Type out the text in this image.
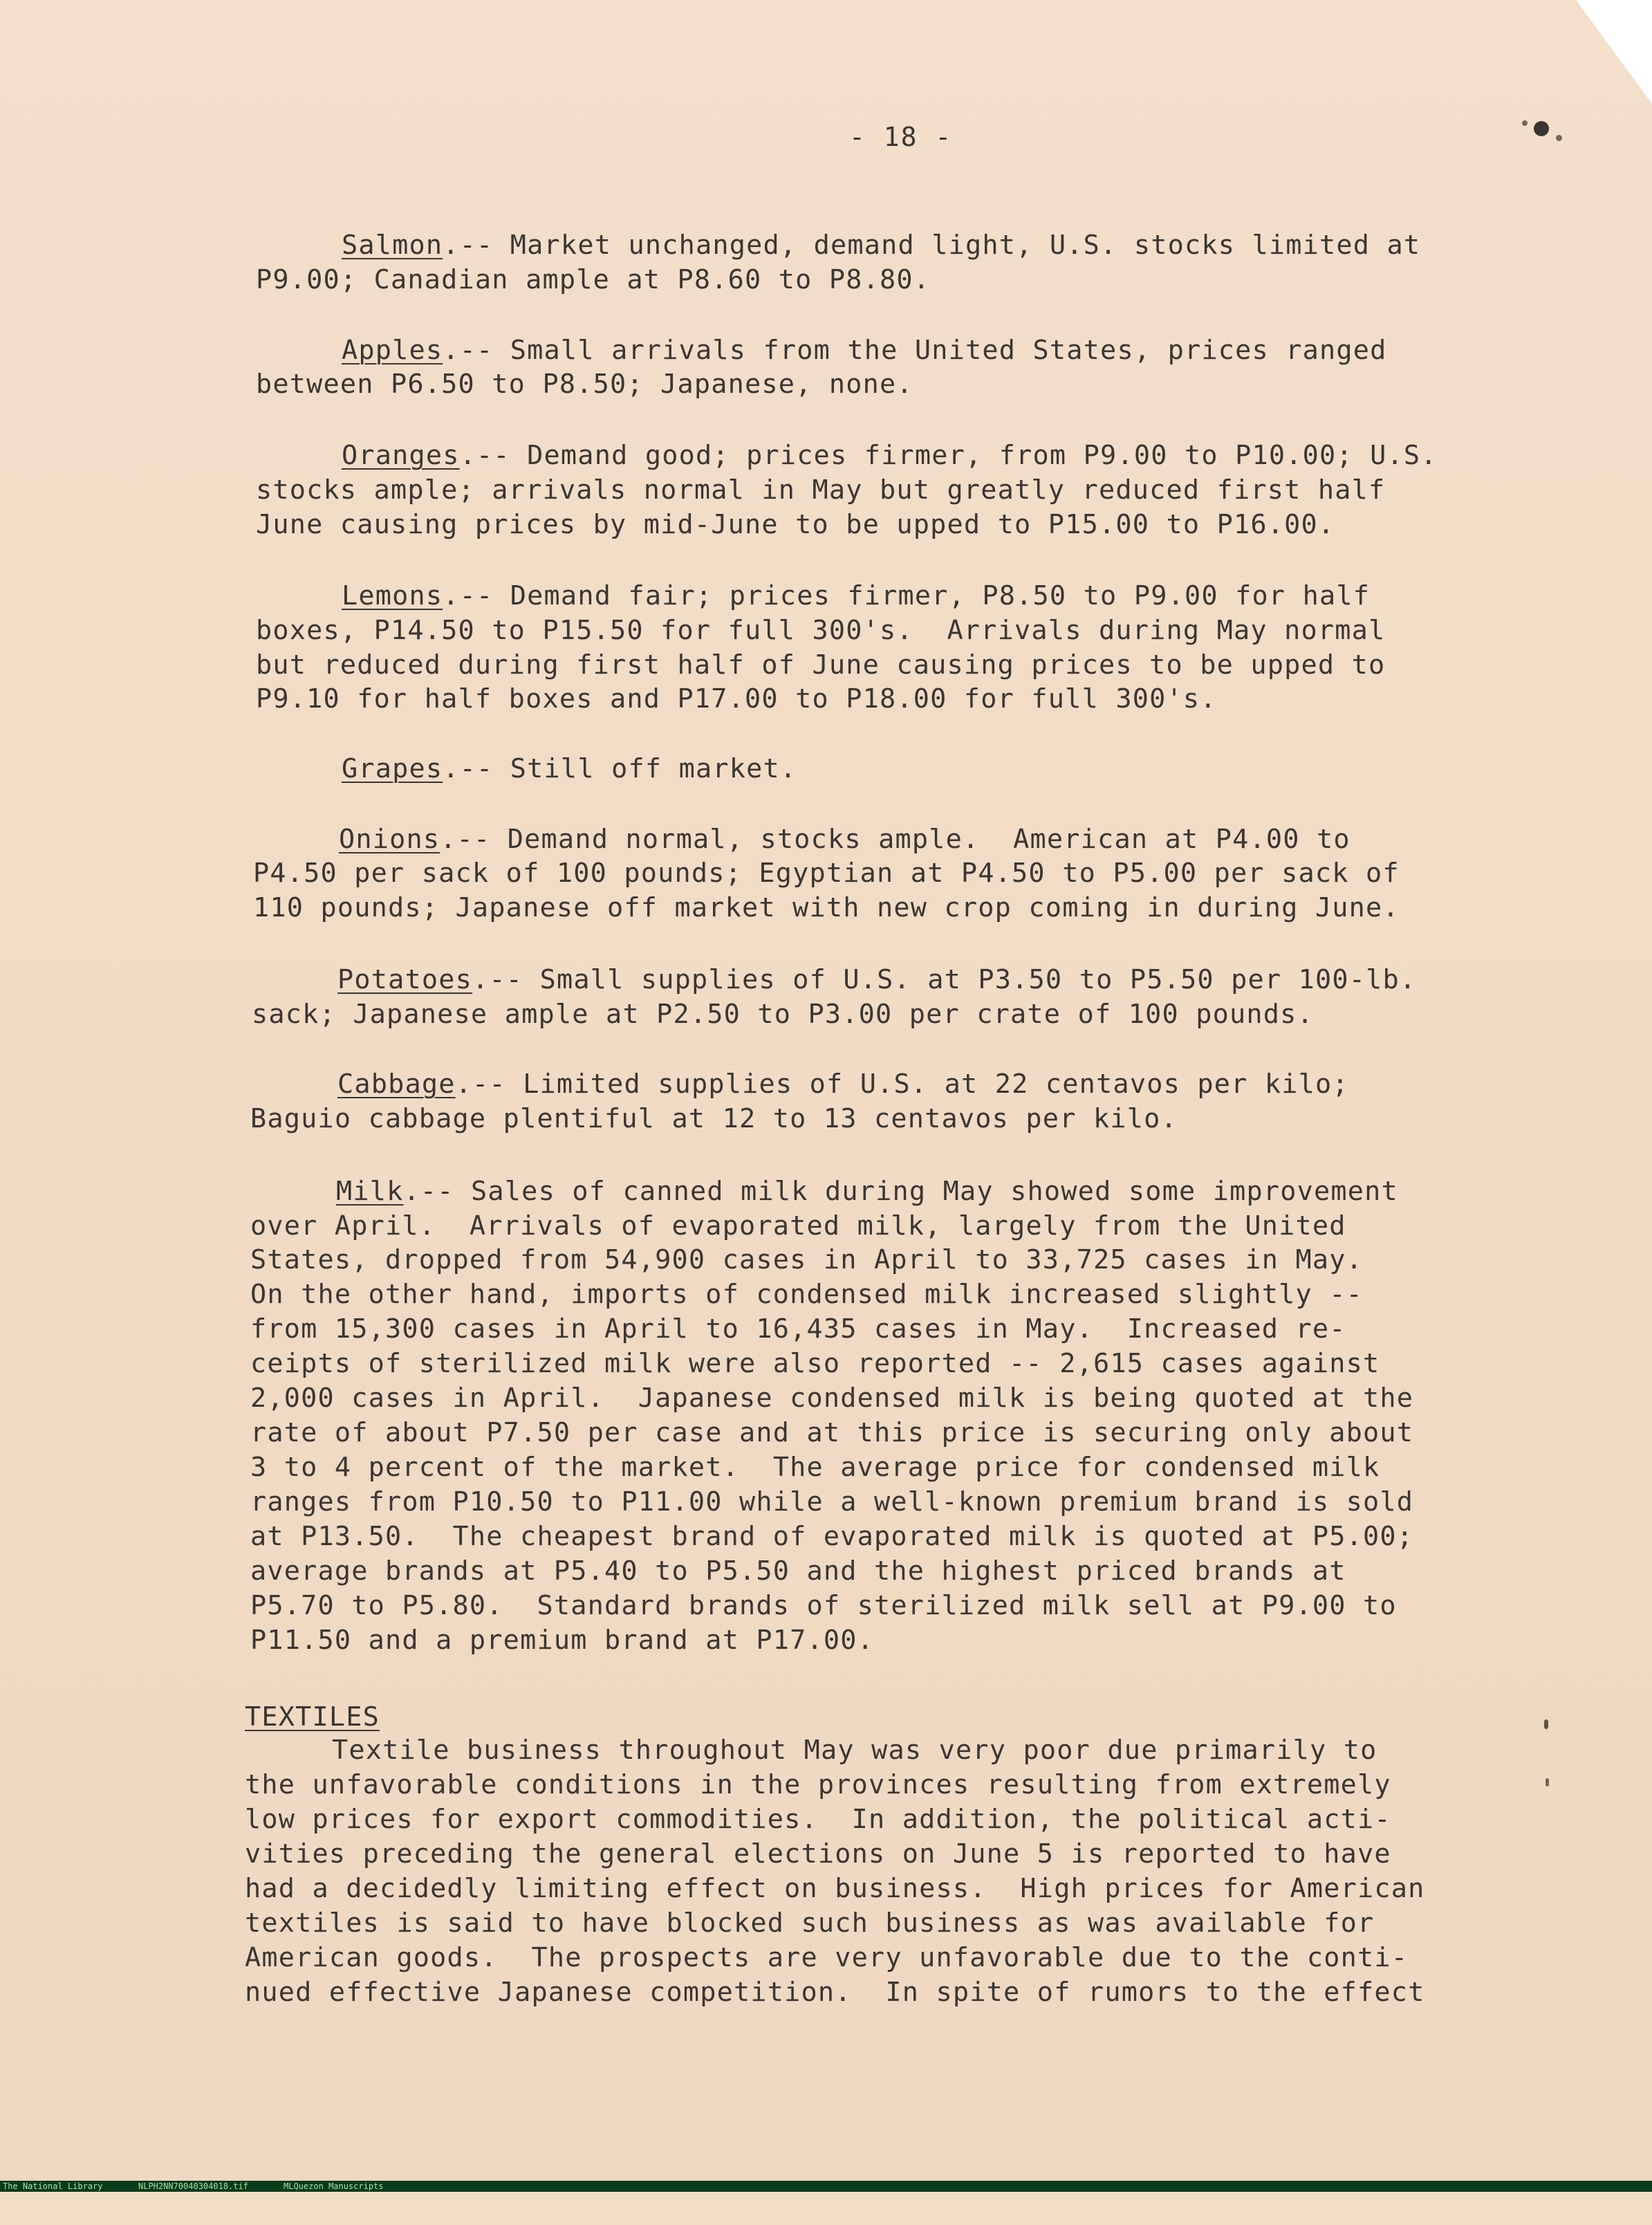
- 18 -
Salmon.-- Market unchanged, demand light, U.S. stocks limited at
P9.00; Canadian ample at P8.60 to P8.80.
Apples.-- Small arrivals from the United States, prices ranged
between P6.50 to P8.50; Japanese, none.
Oranges.-- Demand good; prices firmer, from P9.00 to P10.00; U.S.
stocks ample; arrivals normal in May but greatly reduced first half
June causing prices by mid-June to be upped to P15.00 to P16.00.
Lemons.-- Demand fair; prices firmer, P8.50 to P9.00 for half
boxes, P14.50 to P15.50 for full 300's.  Arrivals during May normal
but reduced during first half of June causing prices to be upped to
P9.10 for half boxes and P17.00 to P18.00 for full 300's.
Grapes.-- Still off market.
Onions.-- Demand normal, stocks ample.  American at P4.00 to
P4.50 per sack of 100 pounds; Egyptian at P4.50 to P5.00 per sack of
110 pounds; Japanese off market with new crop coming in during June.
Potatoes.-- Small supplies of U.S. at P3.50 to P5.50 per 100-lb.
sack; Japanese ample at P2.50 to P3.00 per crate of 100 pounds.
Cabbage.-- Limited supplies of U.S. at 22 centavos per kilo;
Baguio cabbage plentiful at 12 to 13 centavos per kilo.
Milk.-- Sales of canned milk during May showed some improvement
over April.  Arrivals of evaporated milk, largely from the United
States, dropped from 54,900 cases in April to 33,725 cases in May.
On the other hand, imports of condensed milk increased slightly --
from 15,300 cases in April to 16,435 cases in May.  Increased re-
ceipts of sterilized milk were also reported -- 2,615 cases against
2,000 cases in April.  Japanese condensed milk is being quoted at the
rate of about P7.50 per case and at this price is securing only about
3 to 4 percent of the market.  The average price for condensed milk
ranges from P10.50 to P11.00 while a well-known premium brand is sold
at P13.50.  The cheapest brand of evaporated milk is quoted at P5.00;
average brands at P5.40 to P5.50 and the highest priced brands at
P5.70 to P5.80.  Standard brands of sterilized milk sell at P9.00 to
P11.50 and a premium brand at P17.00.
TEXTILES
Textile business throughout May was very poor due primarily to
the unfavorable conditions in the provinces resulting from extremely
low prices for export commodities.  In addition, the political acti-
vities preceding the general elections on June 5 is reported to have
had a decidedly limiting effect on business.  High prices for American
textiles is said to have blocked such business as was available for
American goods.  The prospects are very unfavorable due to the conti-
nued effective Japanese competition.  In spite of rumors to the effect

The National Library

	NLPH2NN70040304018.tif

	MLQuezon Manuscripts
